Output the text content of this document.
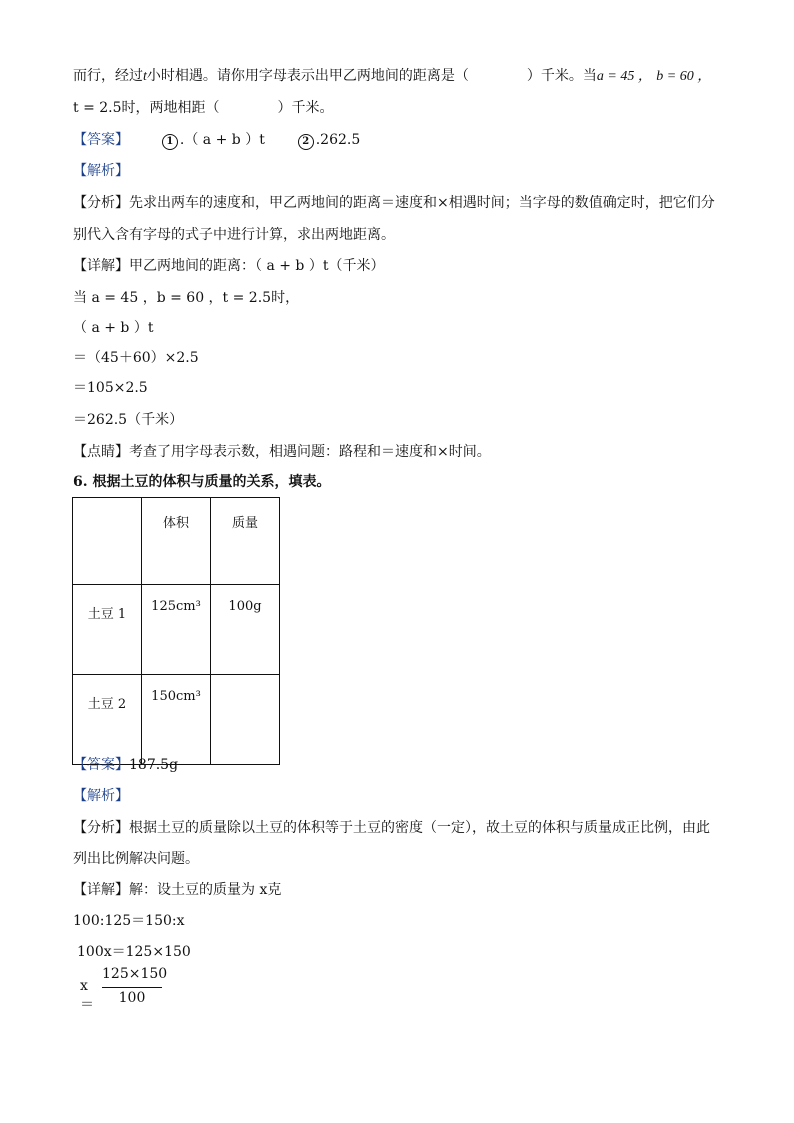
而行，经过t小时相遇。请你用字母表示出甲乙两地间的距离是（	）千米。当a = 45 ， b = 60 ，
t = 2.5时，两地相距（	）千米。
【答案】	1 .（ a + b ）t	2 .262.5
【解析】
【分析】先求出两车的速度和，甲乙两地间的距离＝速度和×相遇时间；当字母的数值确定时，把它们分
别代入含有字母的式子中进行计算，求出两地距离。
【详解】甲乙两地间的距离：（ a + b ）t（千米）
当 a = 45 ，b = 60 ，t = 2.5时，
（ a + b ）t
＝（45＋60）×2.5
＝105×2.5
＝262.5（千米）
【点睛】考查了用字母表示数，相遇问题：路程和＝速度和×时间。
6. 根据土豆的体积与质量的关系，填表。
	体积	质量
土豆 1	125cm³	100g
土豆 2	150cm³	
【答案】187.5g
【解析】
【分析】根据土豆的质量除以土豆的体积等于土豆的密度（一定），故土豆的体积与质量成正比例，由此
列出比例解决问题。
【详解】解：设土豆的质量为 x克
100:125＝150:x
100x＝125×150
x＝
125×150
100
